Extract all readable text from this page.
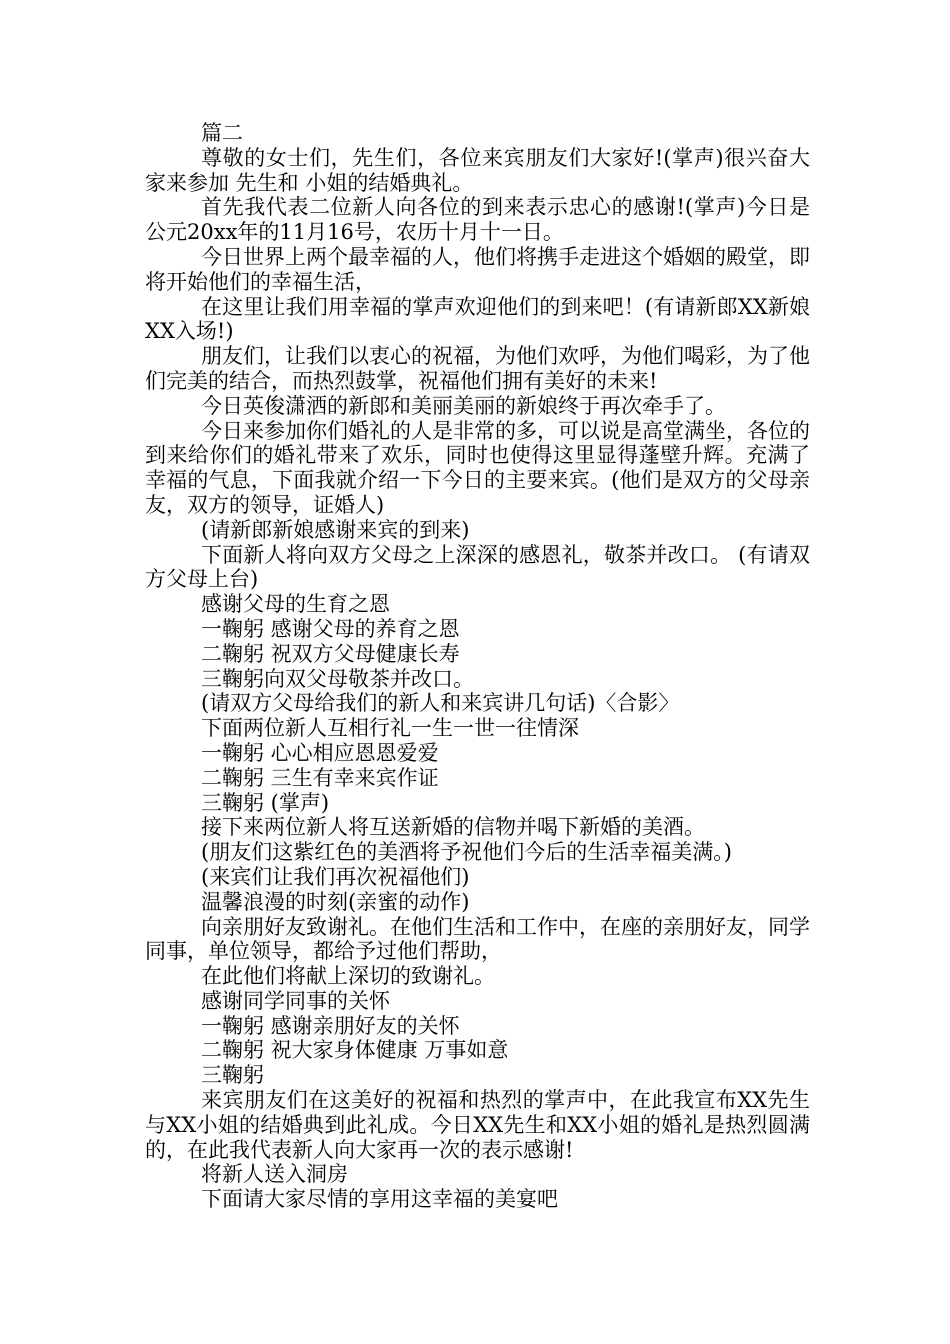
篇二

尊敬的女士们，先生们，各位来宾朋友们大家好!(掌声)很兴奋大家来参加 先生和 小姐的结婚典礼。

首先我代表二位新人向各位的到来表示忠心的感谢!(掌声)今日是公元20xx年的11月16号，农历十月十一日。

今日世界上两个最幸福的人，他们将携手走进这个婚姻的殿堂，即将开始他们的幸福生活，

在这里让我们用幸福的掌声欢迎他们的到来吧！(有请新郎XX新娘XX入场!)

朋友们，让我们以衷心的祝福，为他们欢呼，为他们喝彩，为了他们完美的结合，而热烈鼓掌，祝福他们拥有美好的未来!

今日英俊潇洒的新郎和美丽美丽的新娘终于再次牵手了。

今日来参加你们婚礼的人是非常的多，可以说是高堂满坐，各位的到来给你们的婚礼带来了欢乐，同时也使得这里显得蓬壁升辉。充满了幸福的气息，下面我就介绍一下今日的主要来宾。(他们是双方的父母亲友，双方的领导，证婚人)

(请新郎新娘感谢来宾的到来)

下面新人将向双方父母之上深深的感恩礼，敬茶并改口。 (有请双方父母上台)

感谢父母的生育之恩

一鞠躬 感谢父母的养育之恩

二鞠躬 祝双方父母健康长寿

三鞠躬向双父母敬茶并改口。

(请双方父母给我们的新人和来宾讲几句话)〈合影〉

下面两位新人互相行礼一生一世一往情深

一鞠躬 心心相应恩恩爱爱

二鞠躬 三生有幸来宾作证

三鞠躬 (掌声)

接下来两位新人将互送新婚的信物并喝下新婚的美酒。

(朋友们这紫红色的美酒将予祝他们今后的生活幸福美满。)

(来宾们让我们再次祝福他们)

温馨浪漫的时刻(亲蜜的动作)

向亲朋好友致谢礼。在他们生活和工作中，在座的亲朋好友，同学同事，单位领导，都给予过他们帮助，

在此他们将献上深切的致谢礼。

感谢同学同事的关怀

一鞠躬 感谢亲朋好友的关怀

二鞠躬 祝大家身体健康 万事如意

三鞠躬

来宾朋友们在这美好的祝福和热烈的掌声中，在此我宣布XX先生与XX小姐的结婚典到此礼成。今日XX先生和XX小姐的婚礼是热烈圆满的，在此我代表新人向大家再一次的表示感谢!

将新人送入洞房

下面请大家尽情的享用这幸福的美宴吧
